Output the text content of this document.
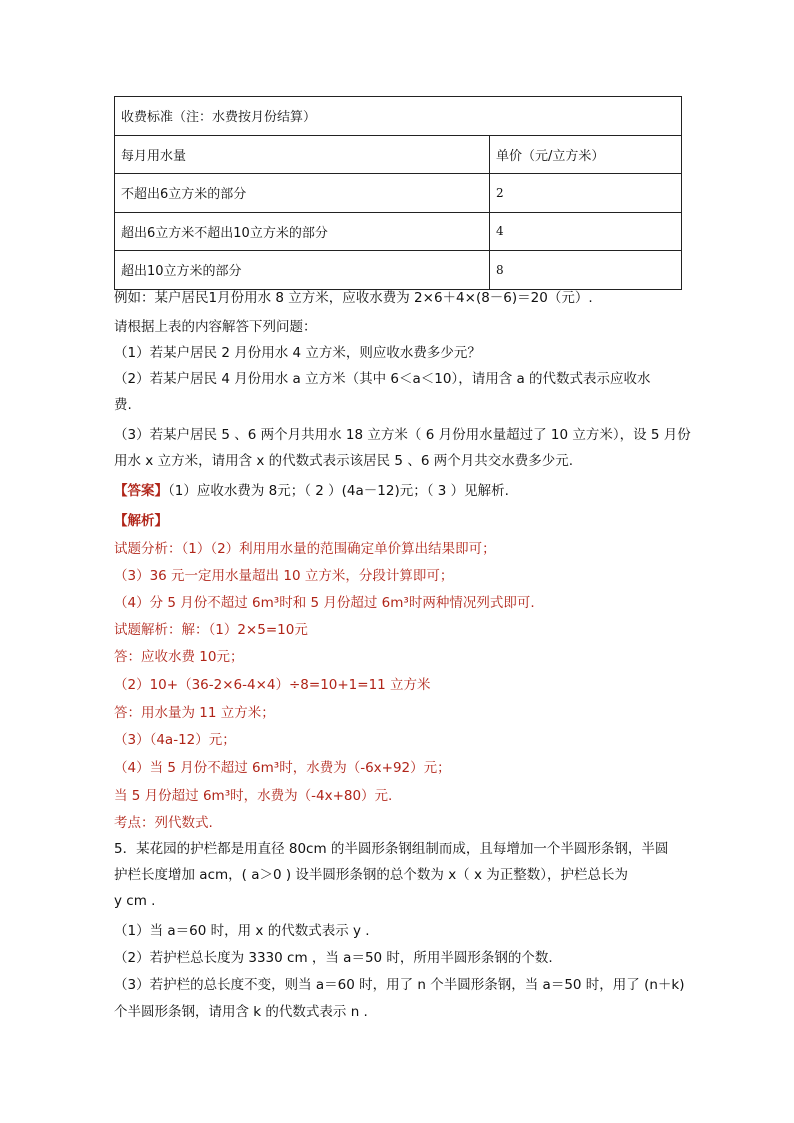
收费标准（注：水费按月份结算）	
每月用水量	单价（元/立方米）
不超出6立方米的部分	2
超出6立方米不超出10立方米的部分	4
超出10立方米的部分	8
例如：某户居民1月份用水 8 立方米，应收水费为 2×6＋4×(8－6)＝20（元）.
请根据上表的内容解答下列问题：
（1）若某户居民 2 月份用水 4 立方米，则应收水费多少元？
（2）若某户居民 4 月份用水 a 立方米（其中 6＜a＜10），请用含 a 的代数式表示应收水
费.
（3）若某户居民 5 、6 两个月共用水 18 立方米（ 6 月份用水量超过了 10 立方米），设 5 月份
用水 x 立方米，请用含 x 的代数式表示该居民 5 、6 两个月共交水费多少元.
【答案】（1）应收水费为 8元；（ 2 ）(4a－12)元；（ 3 ）见解析.
【解析】
试题分析：（1）（2）利用用水量的范围确定单价算出结果即可；
（3）36 元一定用水量超出 10 立方米，分段计算即可；
（4）分 5 月份不超过 6m³时和 5 月份超过 6m³时两种情况列式即可.
试题解析：解：（1）2×5=10元
答：应收水费 10元；
（2）10+（36-2×6-4×4）÷8=10+1=11 立方米
答：用水量为 11 立方米；
（3）（4a-12）元；
（4）当 5 月份不超过 6m³时，水费为（-6x+92）元；
当 5 月份超过 6m³时，水费为（-4x+80）元.
考点：列代数式.
5．某花园的护栏都是用直径 80cm 的半圆形条钢组制而成，且每增加一个半圆形条钢，半圆
护栏长度增加 acm，( a＞0 ) 设半圆形条钢的总个数为 x（ x 为正整数），护栏总长为
y cm .
（1）当 a＝60 时，用 x 的代数式表示 y .
（2）若护栏总长度为 3330 cm ，当 a＝50 时，所用半圆形条钢的个数.
（3）若护栏的总长度不变，则当 a＝60 时，用了 n 个半圆形条钢，当 a＝50 时，用了 (n＋k)
个半圆形条钢，请用含 k 的代数式表示 n .
